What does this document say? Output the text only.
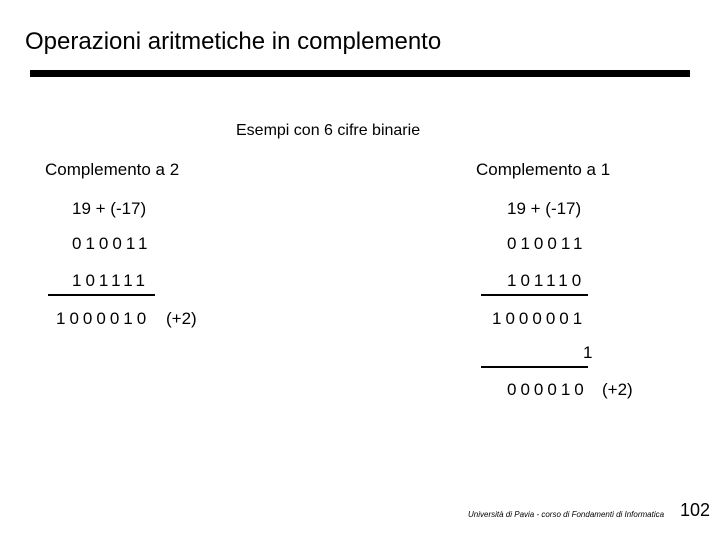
Operazioni aritmetiche in complemento
Esempi con 6 cifre binarie
Complemento a 2
19 + (-17)
010011
101111
1000010 (+2)
Complemento a 1
19 + (-17)
010011
101110
1000001
1
000010 (+2)
Università di Pavia - corso di Fondamenti di Informatica 102
